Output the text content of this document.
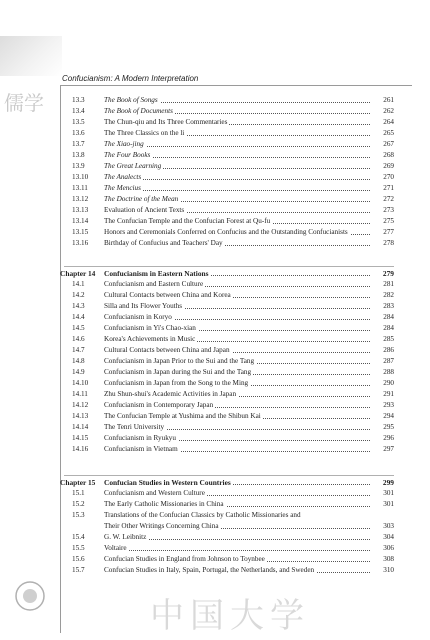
儒学
Confucianism: A Modern Interpretation
13.3	The Book of Songs	261
13.4	The Book of Documents	262
13.5	The Chun-qiu and Its Three Commentaries	264
13.6	The Three Classics on the li	265
13.7	The Xiao-jing	267
13.8	The Four Books	268
13.9	The Great Learning	269
13.10	The Analects	270
13.11	The Mencius	271
13.12	The Doctrine of the Mean	272
13.13	Evaluation of Ancient Texts	273
13.14	The Confucian Temple and the Confucian Forest at Qu-fu	275
13.15	Honors and Ceremonials Conferred on Confucius and the Outstanding Confucianists	277
13.16	Birthday of Confucius and Teachers' Day	278
Chapter 14	Confucianism in Eastern Nations	279
14.1	Confucianism and Eastern Culture	281
14.2	Cultural Contacts between China and Korea	282
14.3	Silla and Its Flower Youths	283
14.4	Confucianism in Koryo	284
14.5	Confucianism in Yi's Chao-xian	284
14.6	Korea's Achievements in Music	285
14.7	Cultural Contacts between China and Japan	286
14.8	Confucianism in Japan Prior to the Sui and the Tang	287
14.9	Confucianism in Japan during the Sui and the Tang	288
14.10	Confucianism in Japan from the Song to the Ming	290
14.11	Zhu Shun-shui's Academic Activities in Japan	291
14.12	Confucianism in Contemporary Japan	293
14.13	The Confucian Temple at Yushima and the Shibun Kai	294
14.14	The Tenri University	295
14.15	Confucianism in Ryukyu	296
14.16	Confucianism in Vietnam	297
Chapter 15	Confucian Studies in Western Countries	299
15.1	Confucianism and Western Culture	301
15.2	The Early Catholic Missionaries in China	301
15.3	Translations of the Confucian Classics by Catholic Missionaries and
Their Other Writings Concerning China	303
15.4	G. W. Leibnitz	304
15.5	Voltaire	306
15.6	Confucian Studies in England from Johnson to Toynbee	308
15.7	Confucian Studies in Italy, Spain, Portugal, the Netherlands, and Sweden	310
中国大学
